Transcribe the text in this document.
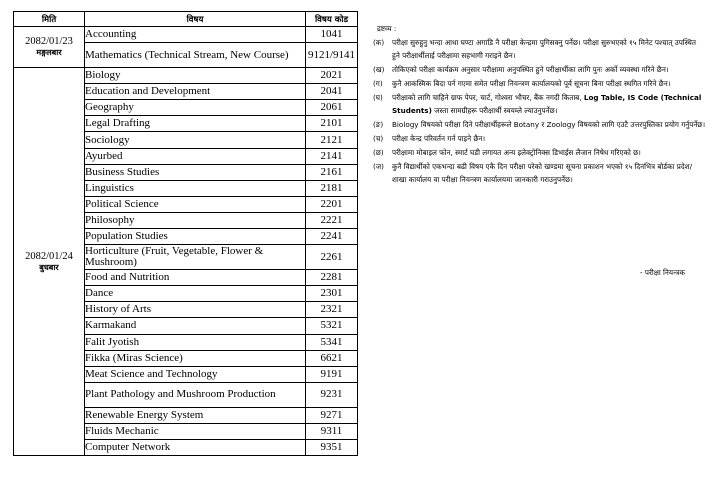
मिति	विषय	विषय कोड
2082/01/23
मङ्गलबार	Accounting	1041
	Mathematics (Technical Stream, New Course)	9121/9141
2082/01/24
बुधबार	Biology	2021
	Education and Development	2041
	Geography	2061
	Legal Drafting	2101
	Sociology	2121
	Ayurbed	2141
	Business Studies	2161
	Linguistics	2181
	Political Science	2201
	Philosophy	2221
	Population Studies	2241
	Horticulture (Fruit, Vegetable, Flower & Mushroom)	2261
	Food and Nutrition	2281
	Dance	2301
	History of Arts	2321
	Karmakand	5321
	Falit Jyotish	5341
	Fikka (Miras Science)	6621
	Meat Science and Technology	9191
	Plant Pathology and Mushroom Production	9231
	Renewable Energy System	9271
	Fluids Mechanic	9311
	Computer Network	9351
द्रष्टव्य :
(क) परीक्षा सुरुहुनु भन्दा आधा घण्टा अगाडि नै परीक्षा केन्द्रमा पुगिसक्नु पर्नेछ। परीक्षा सुरुभएको १५ मिनेट पश्चात् उपस्थित हुने परीक्षार्थीलाई परीक्षामा सहभागी गराइने छैन।
(ख) तोकिएको परीक्षा कार्यक्रम अनुसार परीक्षामा अनुपस्थित हुने परीक्षार्थीका लागि पुनः अर्को व्यवस्था गरिने छैन।
(ग) कुनै आकस्मिक बिदा पर्न गएमा समेत परीक्षा नियन्त्रण कार्यालयको पूर्व सूचना बिना परीक्षा स्थगित गरिने छैन।
(घ) परीक्षाको लागि चाहिने ग्राफ पेपर, चार्ट, गोश्वरा भौचर, बैंक नगदी किताब, Log Table, IS Code (Technical Students) जस्ता सामग्रीहरू परीक्षार्थी स्वयम्ले ल्याउनुपर्नेछ।
(ङ) Biology विषयको परीक्षा दिने परीक्षार्थीहरूले Botany र Zoology विषयको लागि एउटै उत्तरपुस्तिका प्रयोग गर्नुपर्नेछ।
(च) परीक्षा केन्द्र परिवर्तन गर्न पाइने छैन।
(छ) परीक्षामा मोबाइल फोन, स्मार्ट घडी लगायत अन्य इलेक्ट्रोनिक्स डिभाईस लैजान निषेध गरिएको छ।
(ज) कुनै विद्यार्थीको एकभन्दा बढी विषय एकै दिन परीक्षा परेको खण्डमा सूचना प्रकाशन भएको १५ दिनभित्र बोर्डका प्रदेश/शाखा कार्यालय वा परीक्षा नियन्त्रण कार्यालयमा जानकारी गराउनुपर्नेछ।
- परीक्षा नियन्त्रक
